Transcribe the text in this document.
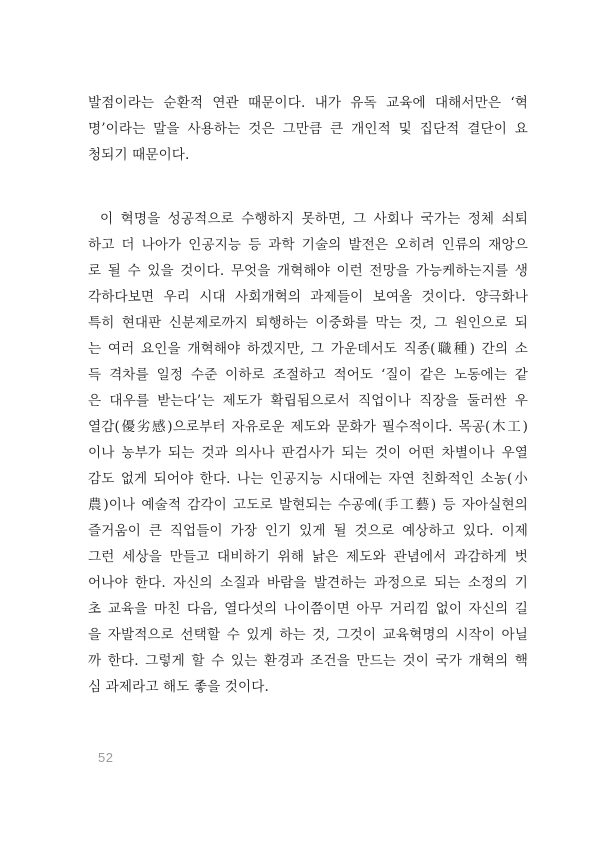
발점이라는 순환적 연관 때문이다. 내가 유독 교육에 대해서만은 ‘혁
명’이라는 말을 사용하는 것은 그만큼 큰 개인적 및 집단적 결단이 요
청되기 때문이다.
이 혁명을 성공적으로 수행하지 못하면, 그 사회나 국가는 정체 쇠퇴
하고 더 나아가 인공지능 등 과학 기술의 발전은 오히려 인류의 재앙으
로 될 수 있을 것이다. 무엇을 개혁해야 이런 전망을 가능케하는지를 생
각하다보면 우리 시대 사회개혁의 과제들이 보여올 것이다. 양극화나
특히 현대판 신분제로까지 퇴행하는 이중화를 막는 것, 그 원인으로 되
는 여러 요인을 개혁해야 하겠지만, 그 가운데서도 직종(職種) 간의 소
득 격차를 일정 수준 이하로 조절하고 적어도 ‘질이 같은 노동에는 같
은 대우를 받는다’는 제도가 확립됨으로서 직업이나 직장을 둘러싼 우
열감(優劣感)으로부터 자유로운 제도와 문화가 필수적이다. 목공(木工)
이나 농부가 되는 것과 의사나 판검사가 되는 것이 어떤 차별이나 우열
감도 없게 되어야 한다. 나는 인공지능 시대에는 자연 친화적인 소농(小
農)이나 예술적 감각이 고도로 발현되는 수공예(手工藝) 등 자아실현의
즐거움이 큰 직업들이 가장 인기 있게 될 것으로 예상하고 있다. 이제
그런 세상을 만들고 대비하기 위해 낡은 제도와 관념에서 과감하게 벗
어나야 한다. 자신의 소질과 바람을 발견하는 과정으로 되는 소정의 기
초 교육을 마친 다음, 열다섯의 나이쯤이면 아무 거리낌 없이 자신의 길
을 자발적으로 선택할 수 있게 하는 것, 그것이 교육혁명의 시작이 아닐
까 한다. 그렇게 할 수 있는 환경과 조건을 만드는 것이 국가 개혁의 핵
심 과제라고 해도 좋을 것이다.
52
